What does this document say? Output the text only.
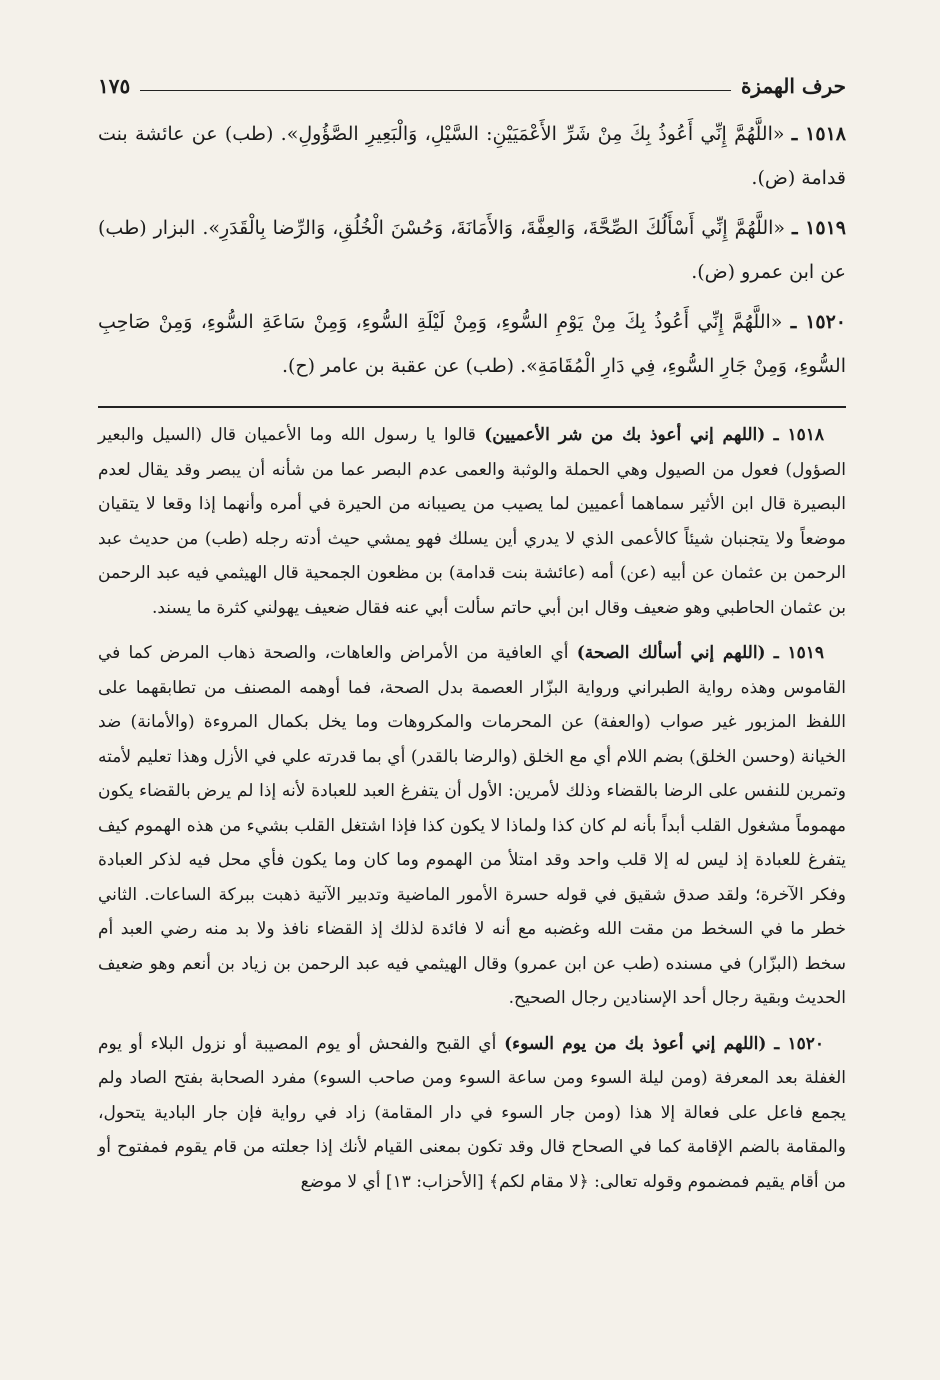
حرف الهمزة
١٧٥

١٥١٨ ـ «اللَّهُمَّ إِنِّي أَعُوذُ بِكَ مِنْ شَرِّ الأَعْمَيَيْنِ: السَّيْلِ، وَالْبَعِيرِ الصَّؤُولِ». (طب) عن عائشة بنت قدامة (ض).

١٥١٩ ـ «اللَّهُمَّ إِنِّي أَسْأَلُكَ الصِّحَّةَ، وَالعِفَّةَ، وَالأَمَانَةَ، وَحُسْنَ الْخُلُقِ، وَالرِّضا بِالْقَدَرِ». البزار (طب) عن ابن عمرو (ض).

١٥٢٠ ـ «اللَّهُمَّ إِنِّي أَعُوذُ بِكَ مِنْ يَوْمِ السُّوءِ، وَمِنْ لَيْلَةِ السُّوءِ، وَمِنْ سَاعَةِ السُّوءِ، وَمِنْ صَاحِبِ السُّوءِ، وَمِنْ جَارِ السُّوءِ، فِي دَارِ الْمُقَامَةِ». (طب) عن عقبة بن عامر (ح).

١٥١٨ ـ (اللهم إني أعوذ بك من شر الأعميين) قالوا يا رسول الله وما الأعميان قال (السيل والبعير الصؤول) فعول من الصيول وهي الحملة والوثبة والعمى عدم البصر عما من شأنه أن يبصر وقد يقال لعدم البصيرة قال ابن الأثير سماهما أعميين لما يصيب من يصيبانه من الحيرة في أمره وأنهما إذا وقعا لا يتقيان موضعاً ولا يتجنبان شيئاً كالأعمى الذي لا يدري أين يسلك فهو يمشي حيث أدته رجله (طب) من حديث عبد الرحمن بن عثمان عن أبيه (عن) أمه (عائشة بنت قدامة) بن مظعون الجمحية قال الهيثمي فيه عبد الرحمن بن عثمان الحاطبي وهو ضعيف وقال ابن أبي حاتم سألت أبي عنه فقال ضعيف يهولني كثرة ما يسند.

١٥١٩ ـ (اللهم إني أسألك الصحة) أي العافية من الأمراض والعاهات، والصحة ذهاب المرض كما في القاموس وهذه رواية الطبراني ورواية البزّار العصمة بدل الصحة، فما أوهمه المصنف من تطابقهما على اللفظ المزبور غير صواب (والعفة) عن المحرمات والمكروهات وما يخل بكمال المروءة (والأمانة) ضد الخيانة (وحسن الخلق) بضم اللام أي مع الخلق (والرضا بالقدر) أي بما قدرته علي في الأزل وهذا تعليم لأمته وتمرين للنفس على الرضا بالقضاء وذلك لأمرين: الأول أن يتفرغ العبد للعبادة لأنه إذا لم يرض بالقضاء يكون مهموماً مشغول القلب أبداً بأنه لم كان كذا ولماذا لا يكون كذا فإذا اشتغل القلب بشيء من هذه الهموم كيف يتفرغ للعبادة إذ ليس له إلا قلب واحد وقد امتلأ من الهموم وما كان وما يكون فأي محل فيه لذكر العبادة وفكر الآخرة؛ ولقد صدق شقيق في قوله حسرة الأمور الماضية وتدبير الآتية ذهبت ببركة الساعات. الثاني خطر ما في السخط من مقت الله وغضبه مع أنه لا فائدة لذلك إذ القضاء نافذ ولا بد منه رضي العبد أم سخط (البزّار) في مسنده (طب عن ابن عمرو) وقال الهيثمي فيه عبد الرحمن بن زياد بن أنعم وهو ضعيف الحديث وبقية رجال أحد الإسنادين رجال الصحيح.

١٥٢٠ ـ (اللهم إني أعوذ بك من يوم السوء) أي القبح والفحش أو يوم المصيبة أو نزول البلاء أو يوم الغفلة بعد المعرفة (ومن ليلة السوء ومن ساعة السوء ومن صاحب السوء) مفرد الصحابة بفتح الصاد ولم يجمع فاعل على فعالة إلا هذا (ومن جار السوء في دار المقامة) زاد في رواية فإن جار البادية يتحول، والمقامة بالضم الإقامة كما في الصحاح قال وقد تكون بمعنى القيام لأنك إذا جعلته من قام يقوم فمفتوح أو من أقام يقيم فمضموم وقوله تعالى: ﴿لا مقام لكم﴾ [الأحزاب: ١٣] أي لا موضع
